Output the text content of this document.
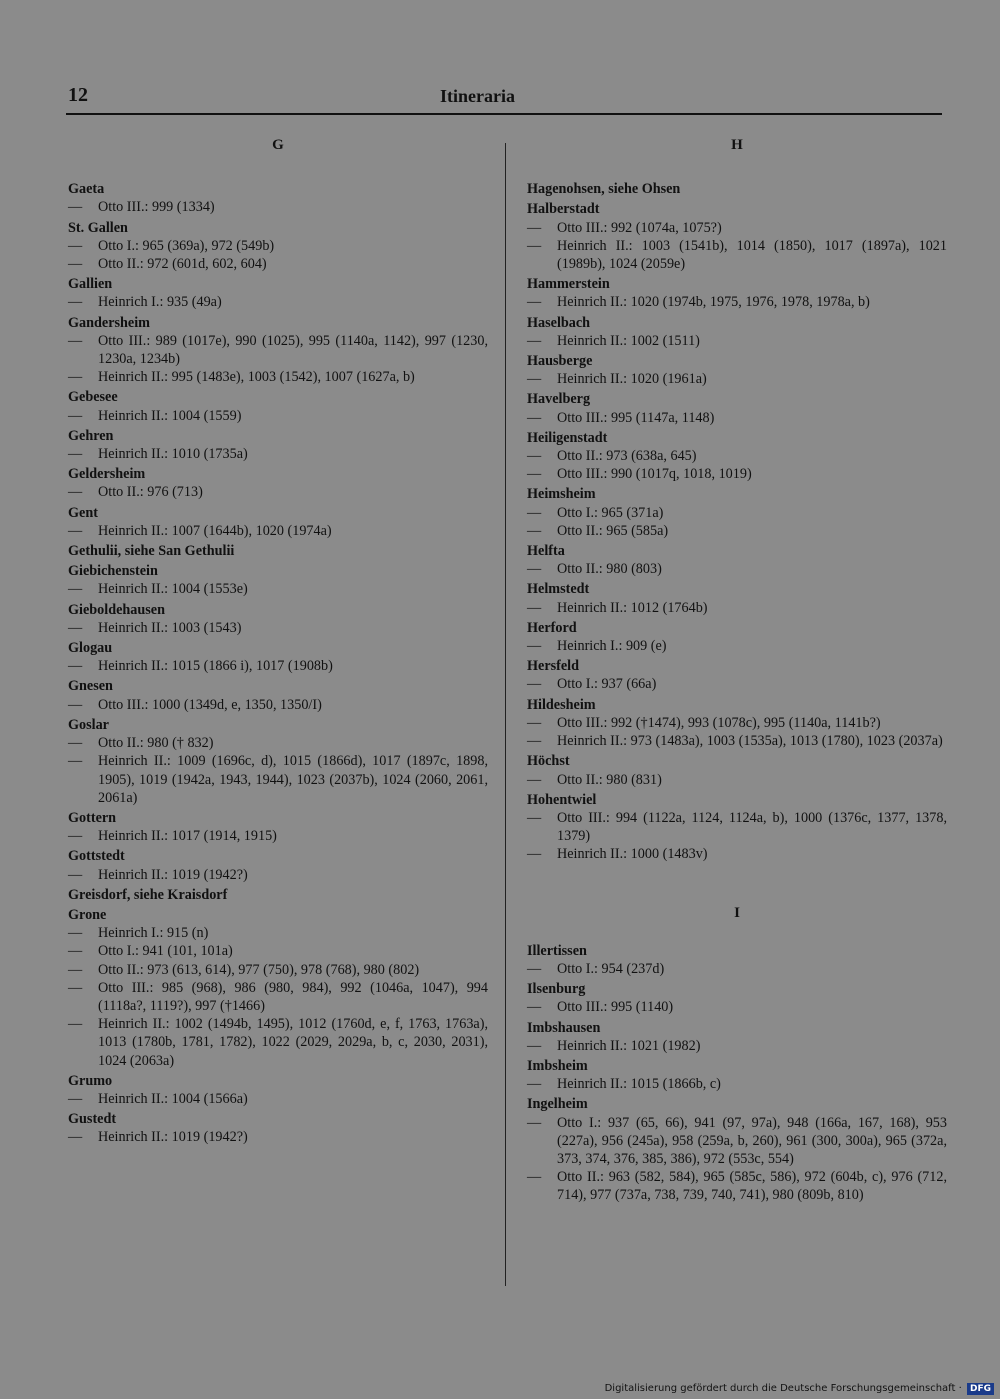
12	Itineraria
G
Gaeta
— Otto III.: 999 (1334)
St. Gallen
— Otto I.: 965 (369a), 972 (549b)
— Otto II.: 972 (601d, 602, 604)
Gallien
— Heinrich I.: 935 (49a)
Gandersheim
— Otto III.: 989 (1017e), 990 (1025), 995 (1140a, 1142), 997 (1230, 1230a, 1234b)
— Heinrich II.: 995 (1483e), 1003 (1542), 1007 (1627a, b)
Gebesee
— Heinrich II.: 1004 (1559)
Gehren
— Heinrich II.: 1010 (1735a)
Geldersheim
— Otto II.: 976 (713)
Gent
— Heinrich II.: 1007 (1644b), 1020 (1974a)
Gethulii, siehe San Gethulii
Giebichenstein
— Heinrich II.: 1004 (1553e)
Gieboldehausen
— Heinrich II.: 1003 (1543)
Glogau
— Heinrich II.: 1015 (1866 i), 1017 (1908b)
Gnesen
— Otto III.: 1000 (1349d, e, 1350, 1350/I)
Goslar
— Otto II.: 980 († 832)
— Heinrich II.: 1009 (1696c, d), 1015 (1866d), 1017 (1897c, 1898, 1905), 1019 (1942a, 1943, 1944), 1023 (2037b), 1024 (2060, 2061, 2061a)
Gottern
— Heinrich II.: 1017 (1914, 1915)
Gottstedt
— Heinrich II.: 1019 (1942?)
Greisdorf, siehe Kraisdorf
Grone
— Heinrich I.: 915 (n)
— Otto I.: 941 (101, 101a)
— Otto II.: 973 (613, 614), 977 (750), 978 (768), 980 (802)
— Otto III.: 985 (968), 986 (980, 984), 992 (1046a, 1047), 994 (1118a?, 1119?), 997 (†1466)
— Heinrich II.: 1002 (1494b, 1495), 1012 (1760d, e, f, 1763, 1763a), 1013 (1780b, 1781, 1782), 1022 (2029, 2029a, b, c, 2030, 2031), 1024 (2063a)
Grumo
— Heinrich II.: 1004 (1566a)
Gustedt
— Heinrich II.: 1019 (1942?)
H
Hagenohsen, siehe Ohsen
Halberstadt
— Otto III.: 992 (1074a, 1075?)
— Heinrich II.: 1003 (1541b), 1014 (1850), 1017 (1897a), 1021 (1989b), 1024 (2059e)
Hammerstein
— Heinrich II.: 1020 (1974b, 1975, 1976, 1978, 1978a, b)
Haselbach
— Heinrich II.: 1002 (1511)
Hausberge
— Heinrich II.: 1020 (1961a)
Havelberg
— Otto III.: 995 (1147a, 1148)
Heiligenstadt
— Otto II.: 973 (638a, 645)
— Otto III.: 990 (1017q, 1018, 1019)
Heimsheim
— Otto I.: 965 (371a)
— Otto II.: 965 (585a)
Helfta
— Otto II.: 980 (803)
Helmstedt
— Heinrich II.: 1012 (1764b)
Herford
— Heinrich I.: 909 (e)
Hersfeld
— Otto I.: 937 (66a)
Hildesheim
— Otto III.: 992 (†1474), 993 (1078c), 995 (1140a, 1141b?)
— Heinrich II.: 973 (1483a), 1003 (1535a), 1013 (1780), 1023 (2037a)
Höchst
— Otto II.: 980 (831)
Hohentwiel
— Otto III.: 994 (1122a, 1124, 1124a, b), 1000 (1376c, 1377, 1378, 1379)
— Heinrich II.: 1000 (1483v)
I
Illertissen
— Otto I.: 954 (237d)
Ilsenburg
— Otto III.: 995 (1140)
Imbshausen
— Heinrich II.: 1021 (1982)
Imbsheim
— Heinrich II.: 1015 (1866b, c)
Ingelheim
— Otto I.: 937 (65, 66), 941 (97, 97a), 948 (166a, 167, 168), 953 (227a), 956 (245a), 958 (259a, b, 260), 961 (300, 300a), 965 (372a, 373, 374, 376, 385, 386), 972 (553c, 554)
— Otto II.: 963 (582, 584), 965 (585c, 586), 972 (604b, c), 976 (712, 714), 977 (737a, 738, 739, 740, 741), 980 (809b, 810)
Digitalisierung gefördert durch die Deutsche Forschungsgemeinschaft · DFG
